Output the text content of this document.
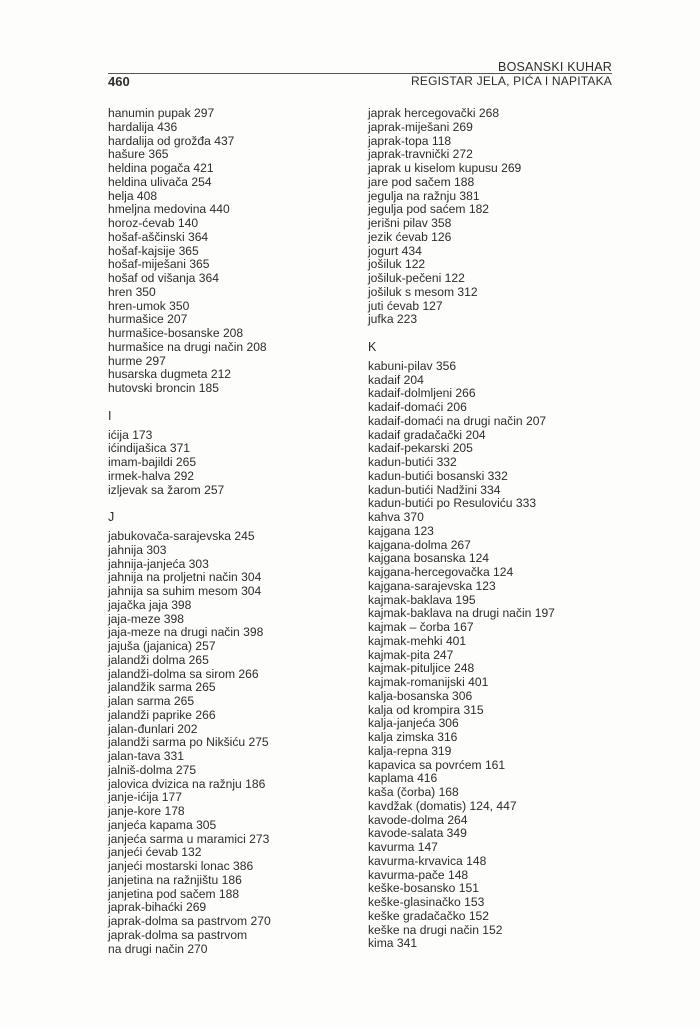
BOSANSKI KUHAR
REGISTAR JELA, PIĆA I NAPITAKA
460
hanumin pupak 297
hardalija 436
hardalija od grožđa 437
hašure 365
heldina pogača 421
heldina ulivača 254
helja 408
hmeljna medovina 440
horoz-ćevab 140
hošaf-aščinski 364
hošaf-kajsije 365
hošaf-miješani 365
hošaf od višanja 364
hren 350
hren-umok 350
hurmašice 207
hurmašice-bosanske 208
hurmašice na drugi način 208
hurme 297
husarska dugmeta 212
hutovski broncin 185
I
ićija 173
ićindijašica 371
imam-bajildi 265
irmek-halva 292
izljevak sa žarom 257
J
jabukovača-sarajevska 245
jahnija 303
jahnija-janjeća 303
jahnija na proljetni način 304
jahnija sa suhim mesom 304
jajačka jaja 398
jaja-meze 398
jaja-meze na drugi način 398
jajuša (jajanica) 257
jalandži dolma 265
jalandži-dolma sa sirom 266
jalandžik sarma 265
jalan sarma 265
jalandži paprike 266
jalan-đunlari 202
jalandži sarma po Nikšiću 275
jalan-tava 331
jalniš-dolma 275
jalovica dvizica na ražnju 186
janje-ićija 177
janje-kore 178
janjeća kapama 305
janjeća sarma u maramici 273
janjeći ćevab 132
janjeći mostarski lonac 386
janjetina na ražnjištu 186
janjetina pod sačem 188
japrak-bihaćki 269
japrak-dolma sa pastrvom 270
japrak-dolma sa pastrvom
na drugi način 270
japrak hercegovački 268
japrak-miješani 269
japrak-topa 118
japrak-travnički 272
japrak u kiselom kupusu 269
jare pod sačem 188
jegulja na ražnju 381
jegulja pod saćem 182
jerišni pilav 358
jezik ćevab 126
jogurt 434
jošiluk 122
jošiluk-pečeni 122
jošiluk s mesom 312
juti ćevab 127
jufka 223
K
kabuni-pilav 356
kadaif 204
kadaif-dolmljeni 266
kadaif-domaći 206
kadaif-domaći na drugi način 207
kadaif gradačački 204
kadaif-pekarski 205
kadun-butići 332
kadun-butići bosanski 332
kadun-butići Nadžini 334
kadun-butići po Resuloviću 333
kahva 370
kajgana 123
kajgana-dolma 267
kajgana bosanska 124
kajgana-hercegovačka 124
kajgana-sarajevska 123
kajmak-baklava 195
kajmak-baklava na drugi način 197
kajmak – čorba 167
kajmak-mehki 401
kajmak-pita 247
kajmak-pituljice 248
kajmak-romanijski 401
kalja-bosanska 306
kalja od krompira 315
kalja-janjeća 306
kalja zimska 316
kalja-repna 319
kapavica sa povrćem 161
kaplama 416
kaša (čorba) 168
kavdžak (domatis) 124, 447
kavode-dolma 264
kavode-salata 349
kavurma 147
kavurma-krvavica 148
kavurma-pače 148
keške-bosansko 151
keške-glasinačko 153
keške gradačačko 152
keške na drugi način 152
kima 341
